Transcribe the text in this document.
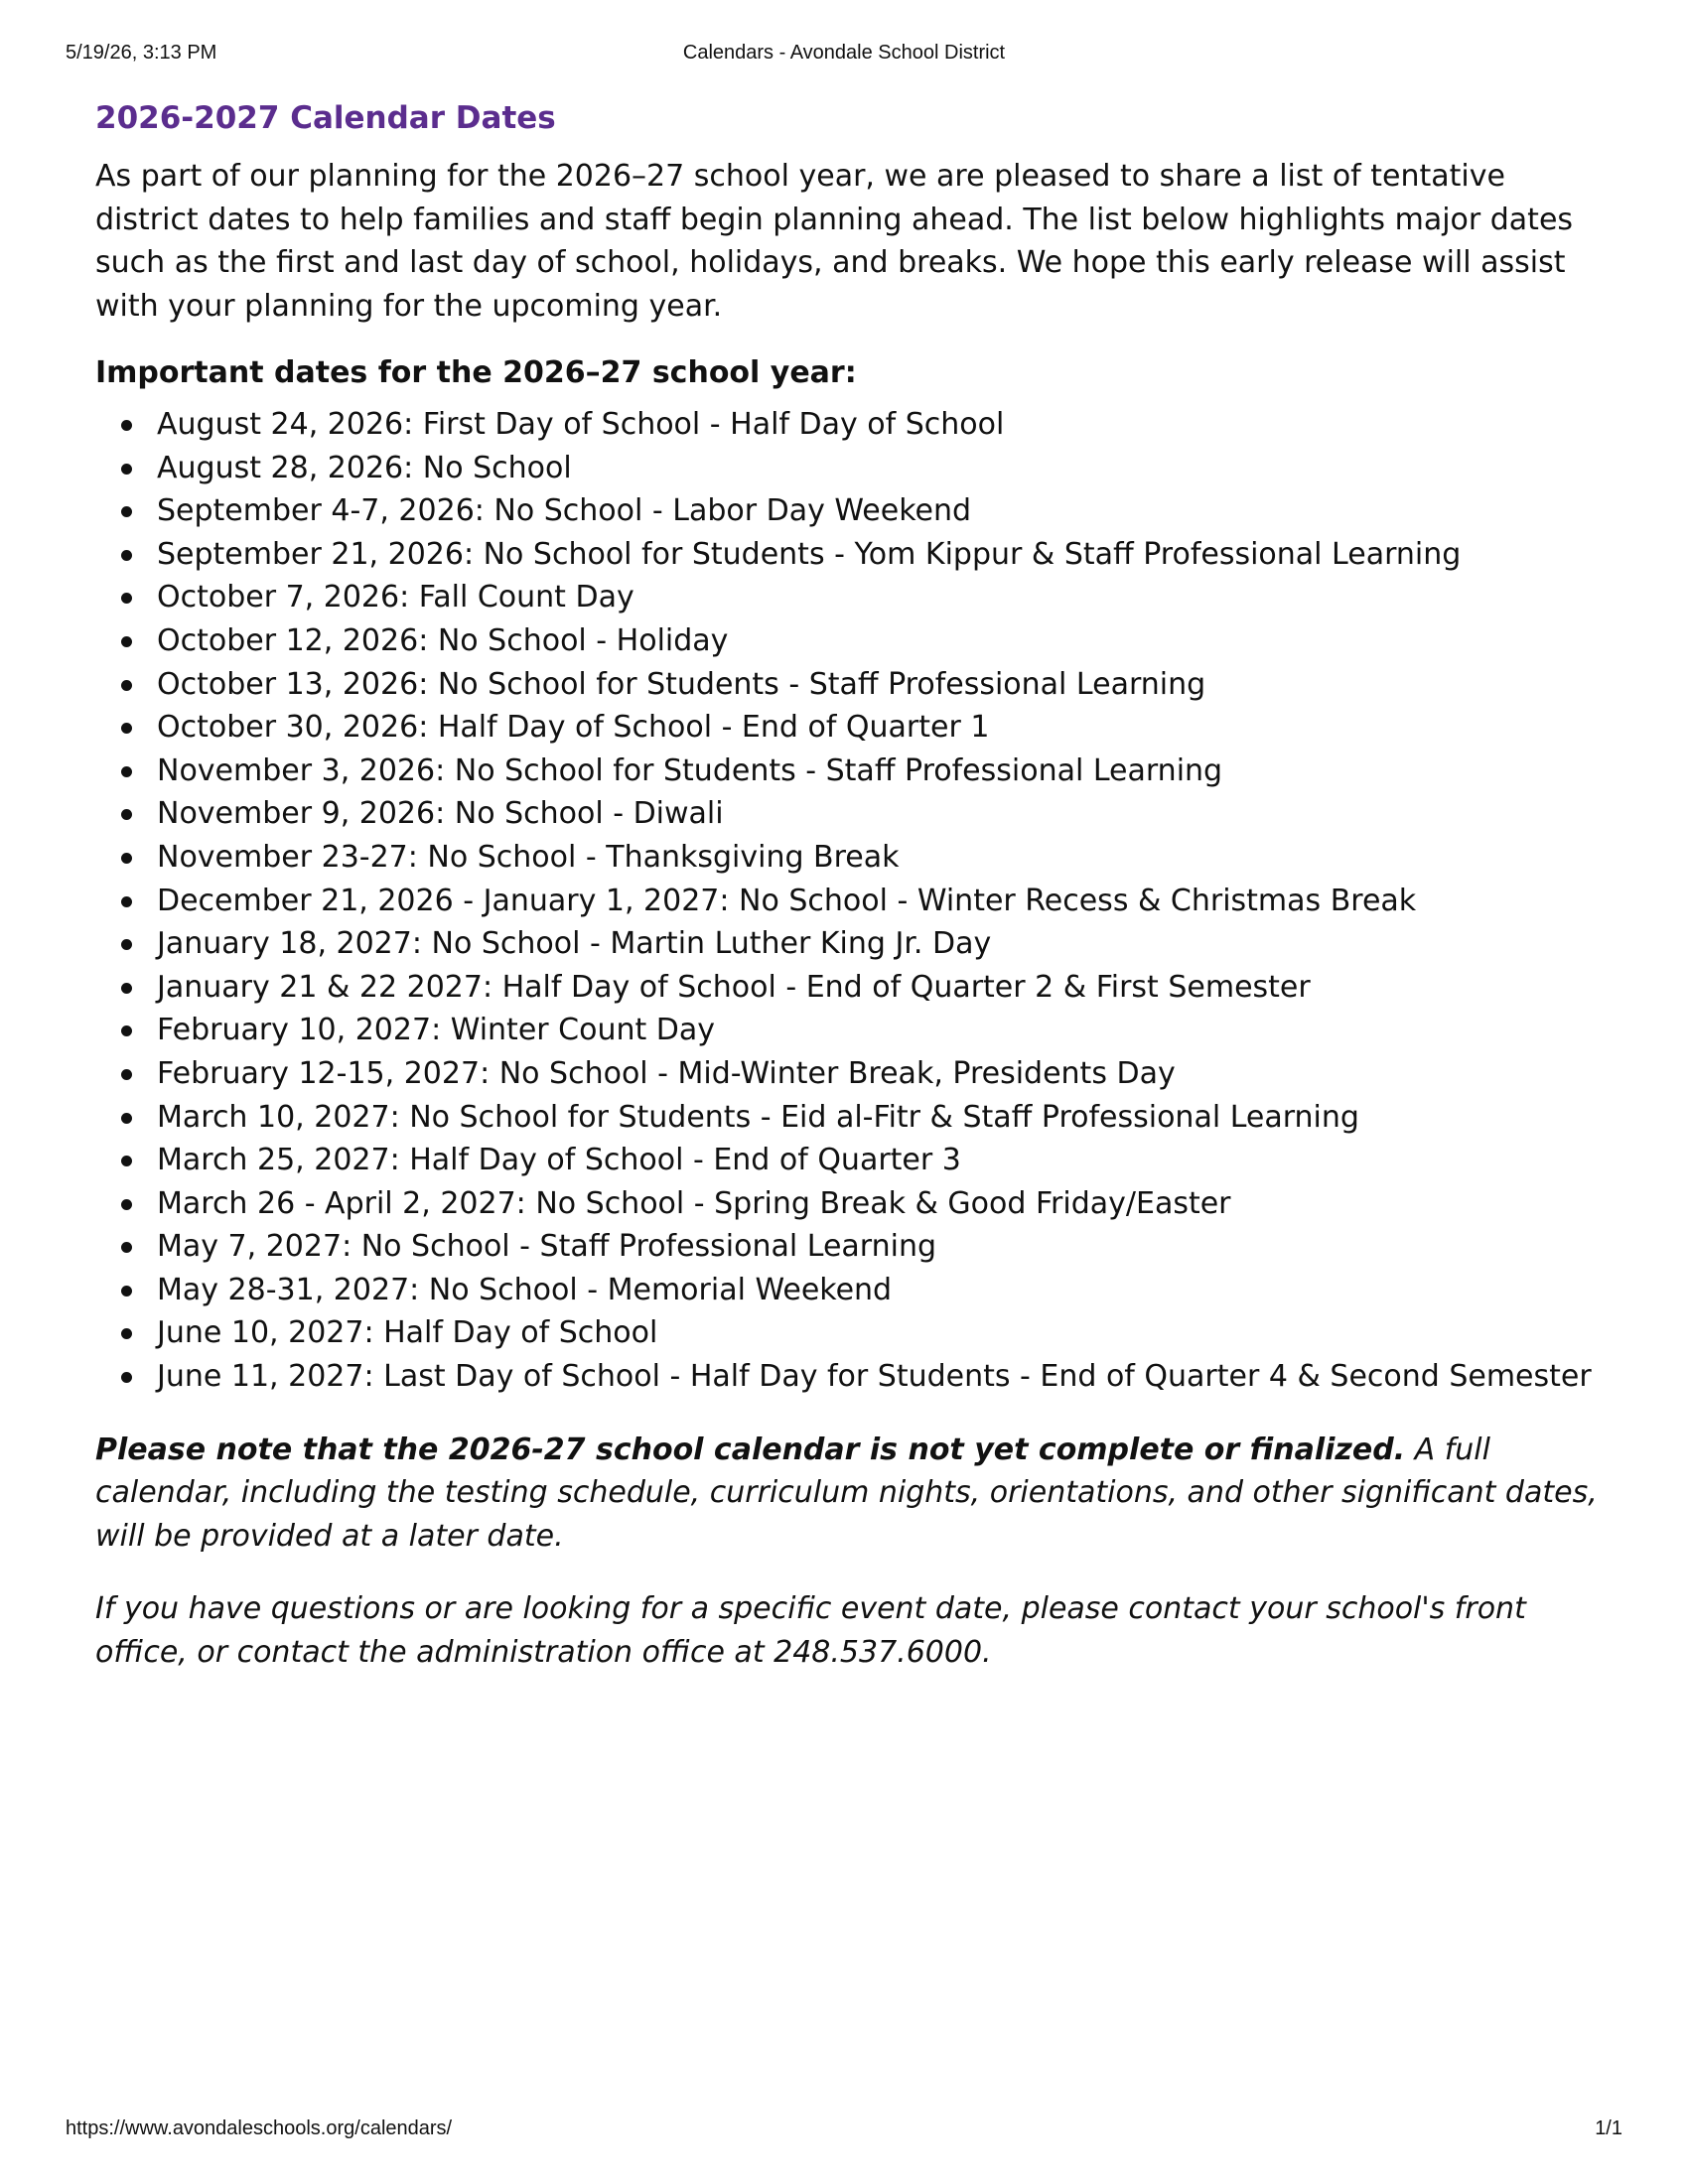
5/19/26, 3:13 PM	Calendars - Avondale School District
2026-2027 Calendar Dates

As part of our planning for the 2026–27 school year, we are pleased to share a list of tentative district dates to help families and staff begin planning ahead. The list below highlights major dates such as the first and last day of school, holidays, and breaks. We hope this early release will assist with your planning for the upcoming year.

Important dates for the 2026–27 school year:

August 24, 2026: First Day of School - Half Day of School
August 28, 2026: No School
September 4-7, 2026: No School - Labor Day Weekend
September 21, 2026: No School for Students - Yom Kippur & Staff Professional Learning
October 7, 2026: Fall Count Day
October 12, 2026: No School - Holiday
October 13, 2026: No School for Students - Staff Professional Learning
October 30, 2026: Half Day of School - End of Quarter 1
November 3, 2026: No School for Students - Staff Professional Learning
November 9, 2026: No School - Diwali
November 23-27: No School - Thanksgiving Break
December 21, 2026 - January 1, 2027: No School - Winter Recess & Christmas Break
January 18, 2027: No School - Martin Luther King Jr. Day
January 21 & 22 2027: Half Day of School - End of Quarter 2 & First Semester
February 10, 2027: Winter Count Day
February 12-15, 2027: No School - Mid-Winter Break, Presidents Day
March 10, 2027: No School for Students - Eid al-Fitr & Staff Professional Learning
March 25, 2027: Half Day of School - End of Quarter 3
March 26 - April 2, 2027: No School - Spring Break & Good Friday/Easter
May 7, 2027: No School - Staff Professional Learning
May 28-31, 2027: No School - Memorial Weekend
June 10, 2027: Half Day of School
June 11, 2027: Last Day of School - Half Day for Students - End of Quarter 4 & Second Semester

Please note that the 2026-27 school calendar is not yet complete or finalized. A full calendar, including the testing schedule, curriculum nights, orientations, and other significant dates, will be provided at a later date.

If you have questions or are looking for a specific event date, please contact your school's front office, or contact the administration office at 248.537.6000.

https://www.avondaleschools.org/calendars/	1/1
